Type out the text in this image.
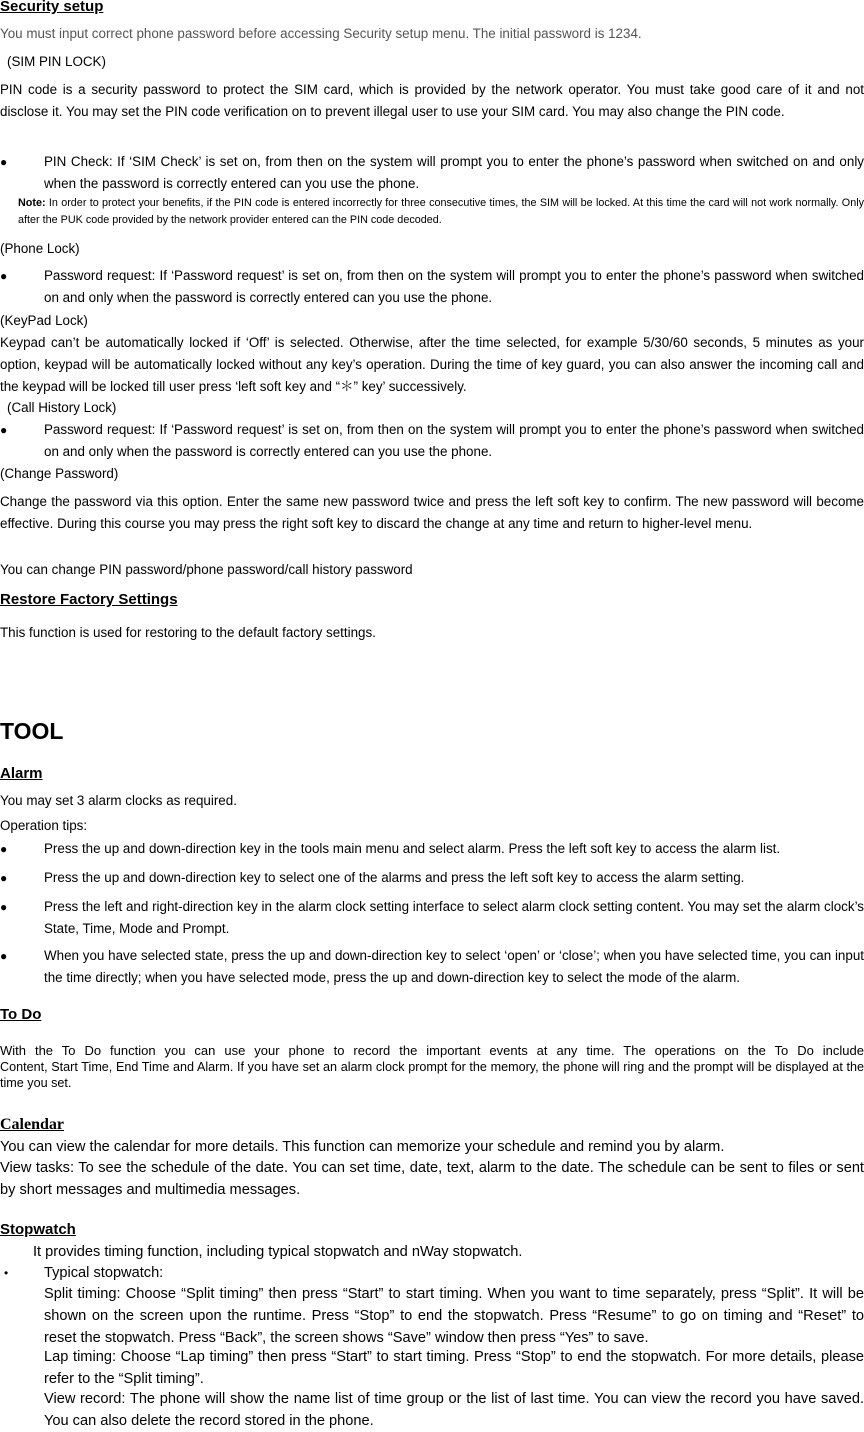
Security setup
You must input correct phone password before accessing Security setup menu. The initial password is 1234.
(SIM PIN LOCK)

PIN code is a security password to protect the SIM card, which is provided by the network operator. You must take good care of it and not disclose it. You may set the PIN code verification on to prevent illegal user to use your SIM card. You may also change the PIN code.

●	PIN Check: If ‘SIM Check’ is set on, from then on the system will prompt you to enter the phone’s password when switched on and only when the password is correctly entered can you use the phone.
Note: In order to protect your benefits, if the PIN code is entered incorrectly for three consecutive times, the SIM will be locked. At this time the card will not work normally. Only after the PUK code provided by the network provider entered can the PIN code decoded.
(Phone Lock)
●	Password request: If ‘Password request’ is set on, from then on the system will prompt you to enter the phone’s password when switched on and only when the password is correctly entered can you use the phone.
(KeyPad Lock)

Keypad can’t be automatically locked if ‘Off’ is selected. Otherwise, after the time selected, for example 5/30/60 seconds, 5 minutes as your option, keypad will be automatically locked without any key’s operation. During the time of key guard, you can also answer the incoming call and the keypad will be locked till user press ‘left soft key and “＊” key’ successively.

(Call History Lock)
●	Password request: If ‘Password request’ is set on, from then on the system will prompt you to enter the phone’s password when switched on and only when the password is correctly entered can you use the phone.
(Change Password)

Change the password via this option. Enter the same new password twice and press the left soft key to confirm. The new password will become effective. During this course you may press the right soft key to discard the change at any time and return to higher-level menu.

You can change PIN password/phone password/call history password
Restore Factory Settings
This function is used for restoring to the default factory settings.
TOOL
Alarm
You may set 3 alarm clocks as required.
Operation tips:
●	Press the up and down-direction key in the tools main menu and select alarm. Press the left soft key to access the alarm list.
●	Press the up and down-direction key to select one of the alarms and press the left soft key to access the alarm setting.
●	Press the left and right-direction key in the alarm clock setting interface to select alarm clock setting content. You may set the alarm clock’s State, Time, Mode and Prompt.
●	When you have selected state, press the up and down-direction key to select ‘open’ or ‘close’; when you have selected time, you can input the time directly; when you have selected mode, press the up and down-direction key to select the mode of the alarm.
To Do
With the To Do function you can use your phone to record the important events at any time. The operations on the To Do include
Content, Start Time, End Time and Alarm. If you have set an alarm clock prompt for the memory, the phone will ring and the prompt will be displayed at the time you set.
Calendar
You can view the calendar for more details. This function can memorize your schedule and remind you by alarm.
View tasks: To see the schedule of the date. You can set time, date, text, alarm to the date. The schedule can be sent to files or sent by short messages and multimedia messages.
Stopwatch
It provides timing function, including typical stopwatch and nWay stopwatch.
• Typical stopwatch:
Split timing: Choose “Split timing” then press “Start” to start timing. When you want to time separately, press “Split”. It will be shown on the screen upon the runtime. Press “Stop” to end the stopwatch. Press “Resume” to go on timing and “Reset” to reset the stopwatch. Press “Back”, the screen shows “Save” window then press “Yes” to save.
Lap timing: Choose “Lap timing” then press “Start” to start timing. Press “Stop” to end the stopwatch. For more details, please refer to the “Split timing”.
View record: The phone will show the name list of time group or the list of last time. You can view the record you have saved. You can also delete the record stored in the phone.
